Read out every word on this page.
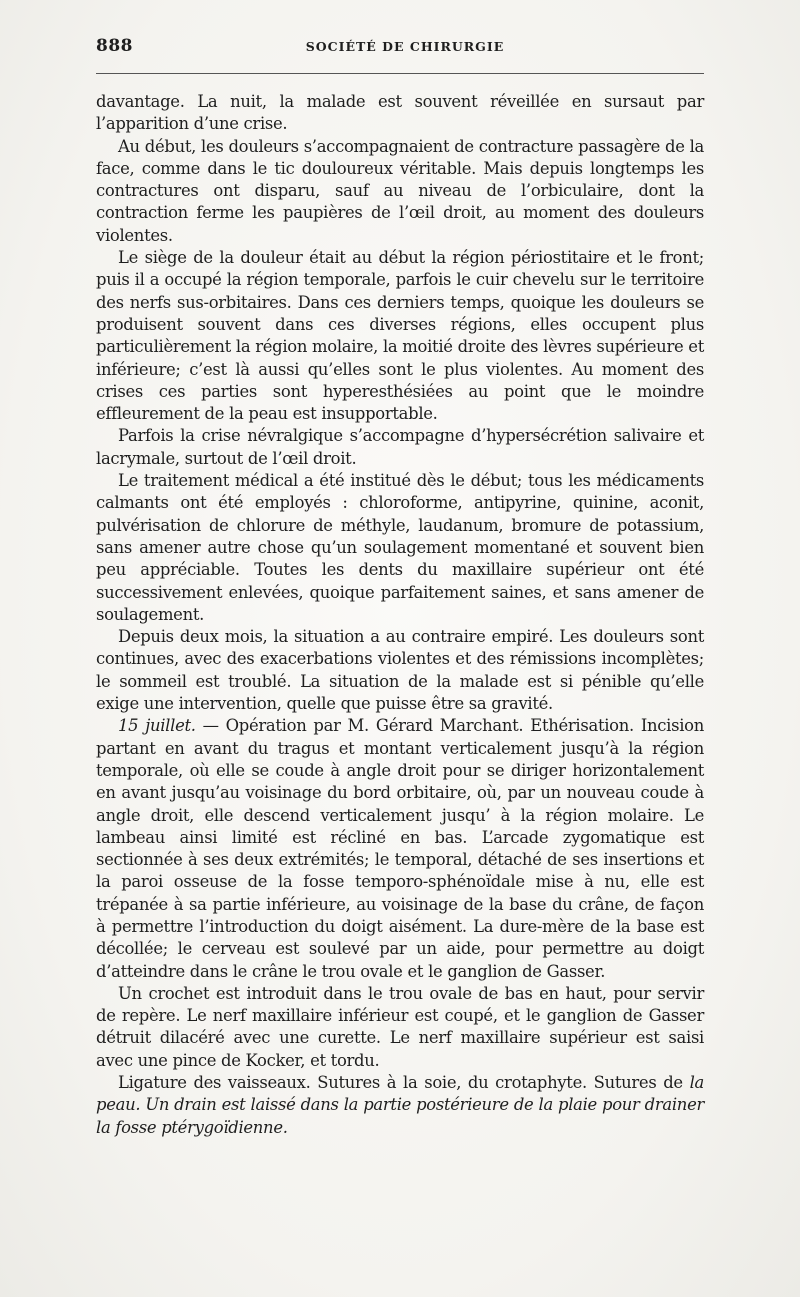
888	SOCIÉTÉ DE CHIRURGIE

davantage. La nuit, la malade est souvent réveillée en sursaut par l’apparition d’une crise.

Au début, les douleurs s’accompagnaient de contracture passagère de la face, comme dans le tic douloureux véritable. Mais depuis longtemps les contractures ont disparu, sauf au niveau de l’orbiculaire, dont la contraction ferme les paupières de l’œil droit, au moment des douleurs violentes.

Le siège de la douleur était au début la région périostitaire et le front; puis il a occupé la région temporale, parfois le cuir chevelu sur le territoire des nerfs sus-orbitaires. Dans ces derniers temps, quoique les douleurs se produisent souvent dans ces diverses régions, elles occupent plus particulièrement la région molaire, la moitié droite des lèvres supérieure et inférieure; c’est là aussi qu’elles sont le plus violentes. Au moment des crises ces parties sont hyperesthésiées au point que le moindre effleurement de la peau est insupportable.

Parfois la crise névralgique s’accompagne d’hypersécrétion salivaire et lacrymale, surtout de l’œil droit.

Le traitement médical a été institué dès le début; tous les médicaments calmants ont été employés : chloroforme, antipyrine, quinine, aconit, pulvérisation de chlorure de méthyle, laudanum, bromure de potassium, sans amener autre chose qu’un soulagement momentané et souvent bien peu appréciable. Toutes les dents du maxillaire supérieur ont été successivement enlevées, quoique parfaitement saines, et sans amener de soulagement.

Depuis deux mois, la situation a au contraire empiré. Les douleurs sont continues, avec des exacerbations violentes et des rémissions incomplètes; le sommeil est troublé. La situation de la malade est si pénible qu’elle exige une intervention, quelle que puisse être sa gravité.

15 juillet. — Opération par M. Gérard Marchant. Ethérisation. Incision partant en avant du tragus et montant verticalement jusqu’à la région temporale, où elle se coude à angle droit pour se diriger horizontalement en avant jusqu’au voisinage du bord orbitaire, où, par un nouveau coude à angle droit, elle descend verticalement jusqu’ à la région molaire. Le lambeau ainsi limité est récliné en bas. L’arcade zygomatique est sectionnée à ses deux extrémités; le temporal, détaché de ses insertions et la paroi osseuse de la fosse temporo-sphénoïdale mise à nu, elle est trépanée à sa partie inférieure, au voisinage de la base du crâne, de façon à permettre l’introduction du doigt aisément. La dure-mère de la base est décollée; le cerveau est soulevé par un aide, pour permettre au doigt d’atteindre dans le crâne le trou ovale et le ganglion de Gasser.

Un crochet est introduit dans le trou ovale de bas en haut, pour servir de repère. Le nerf maxillaire inférieur est coupé, et le ganglion de Gasser détruit dilacéré avec une curette. Le nerf maxillaire supérieur est saisi avec une pince de Kocker, et tordu.

Ligature des vaisseaux. Sutures à la soie, du crotaphyte. Sutures de la peau. Un drain est laissé dans la partie postérieure de la plaie pour drainer la fosse ptérygoïdienne.
